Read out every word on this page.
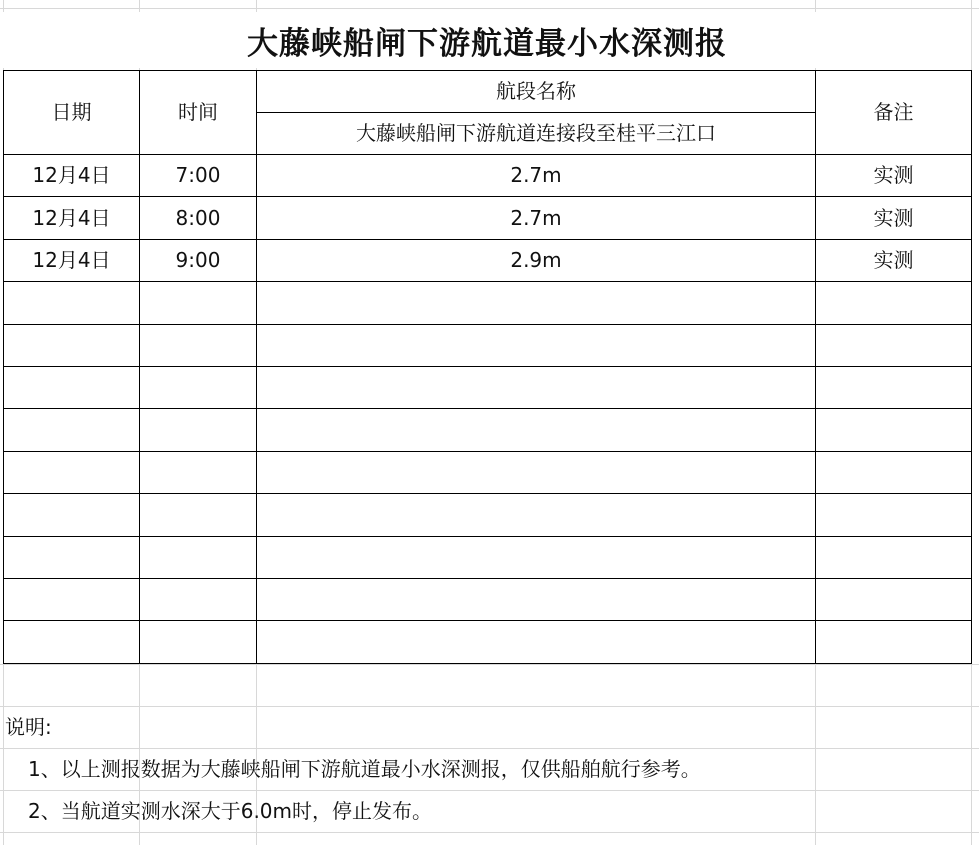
大藤峡船闸下游航道最小水深测报
日期	时间	航段名称	备注
		大藤峡船闸下游航道连接段至桂平三江口	
12月4日	7:00	2.7m	实测
12月4日	8:00	2.7m	实测
12月4日	9:00	2.9m	实测

说明:
1、以上测报数据为大藤峡船闸下游航道最小水深测报，仅供船舶航行参考。
2、当航道实测水深大于6.0m时，停止发布。
